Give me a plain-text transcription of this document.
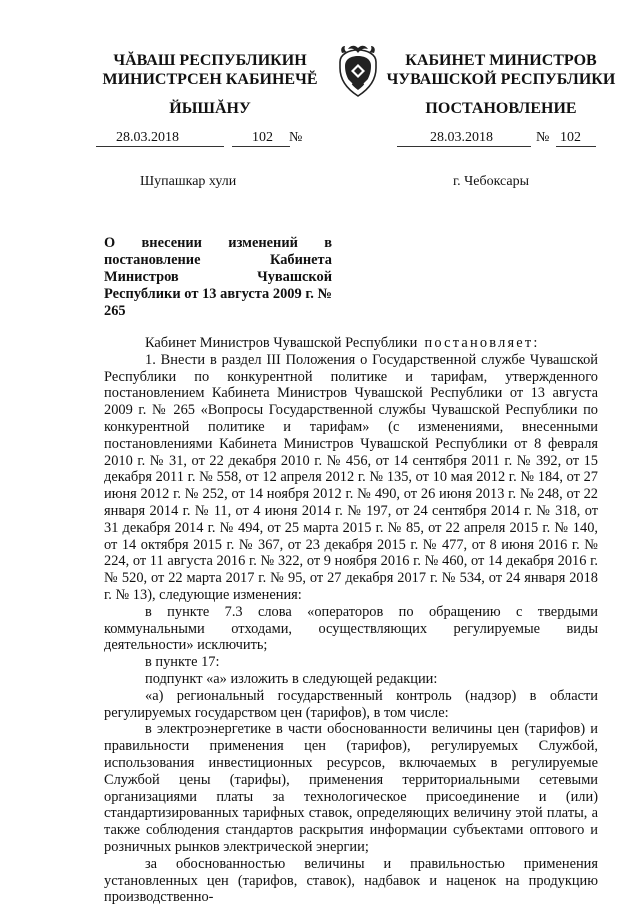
ЧĂВАШ РЕСПУБЛИКИН
МИНИСТРСЕН КАБИНЕЧĔ
КАБИНЕТ МИНИСТРОВ
ЧУВАШСКОЙ РЕСПУБЛИКИ
ЙЫШĂНУ	ПОСТАНОВЛЕНИЕ
28.03.2018	102 №	28.03.2018	№ 102
Шупашкар хули	г. Чебоксары
О внесении изменений в постановление Кабинета Министров Чувашской Республики от 13 августа 2009 г. № 265

Кабинет Министров Чувашской Республики постановляет:

1. Внести в раздел III Положения о Государственной службе Чувашской Республики по конкурентной политике и тарифам, утвержденного постановлением Кабинета Министров Чувашской Республики от 13 августа 2009 г. № 265 «Вопросы Государственной службы Чувашской Республики по конкурентной политике и тарифам» (с изменениями, внесенными постановлениями Кабинета Министров Чувашской Республики от 8 февраля 2010 г. № 31, от 22 декабря 2010 г. № 456, от 14 сентября 2011 г. № 392, от 15 декабря 2011 г. № 558, от 12 апреля 2012 г. № 135, от 10 мая 2012 г. № 184, от 27 июня 2012 г. № 252, от 14 ноября 2012 г. № 490, от 26 июня 2013 г. № 248, от 22 января 2014 г. № 11, от 4 июня 2014 г. № 197, от 24 сентября 2014 г. № 318, от 31 декабря 2014 г. № 494, от 25 марта 2015 г. № 85, от 22 апреля 2015 г. № 140, от 14 октября 2015 г. № 367, от 23 декабря 2015 г. № 477, от 8 июня 2016 г. № 224, от 11 августа 2016 г. № 322, от 9 ноября 2016 г. № 460, от 14 декабря 2016 г. № 520, от 22 марта 2017 г. № 95, от 27 декабря 2017 г. № 534, от 24 января 2018 г. № 13), следующие изменения:

в пункте 7.3 слова «операторов по обращению с твердыми коммунальными отходами, осуществляющих регулируемые виды деятельности» исключить;

в пункте 17:

подпункт «а» изложить в следующей редакции:

«а) региональный государственный контроль (надзор) в области регулируемых государством цен (тарифов), в том числе:

в электроэнергетике в части обоснованности величины цен (тарифов) и правильности применения цен (тарифов), регулируемых Службой, использования инвестиционных ресурсов, включаемых в регулируемые Службой цены (тарифы), применения территориальными сетевыми организациями платы за технологическое присоединение и (или) стандартизированных тарифных ставок, определяющих величину этой платы, а также соблюдения стандартов раскрытия информации субъектами оптового и розничных рынков электрической энергии;

за обоснованностью величины и правильностью применения установленных цен (тарифов, ставок), надбавок и наценок на продукцию производственно-
